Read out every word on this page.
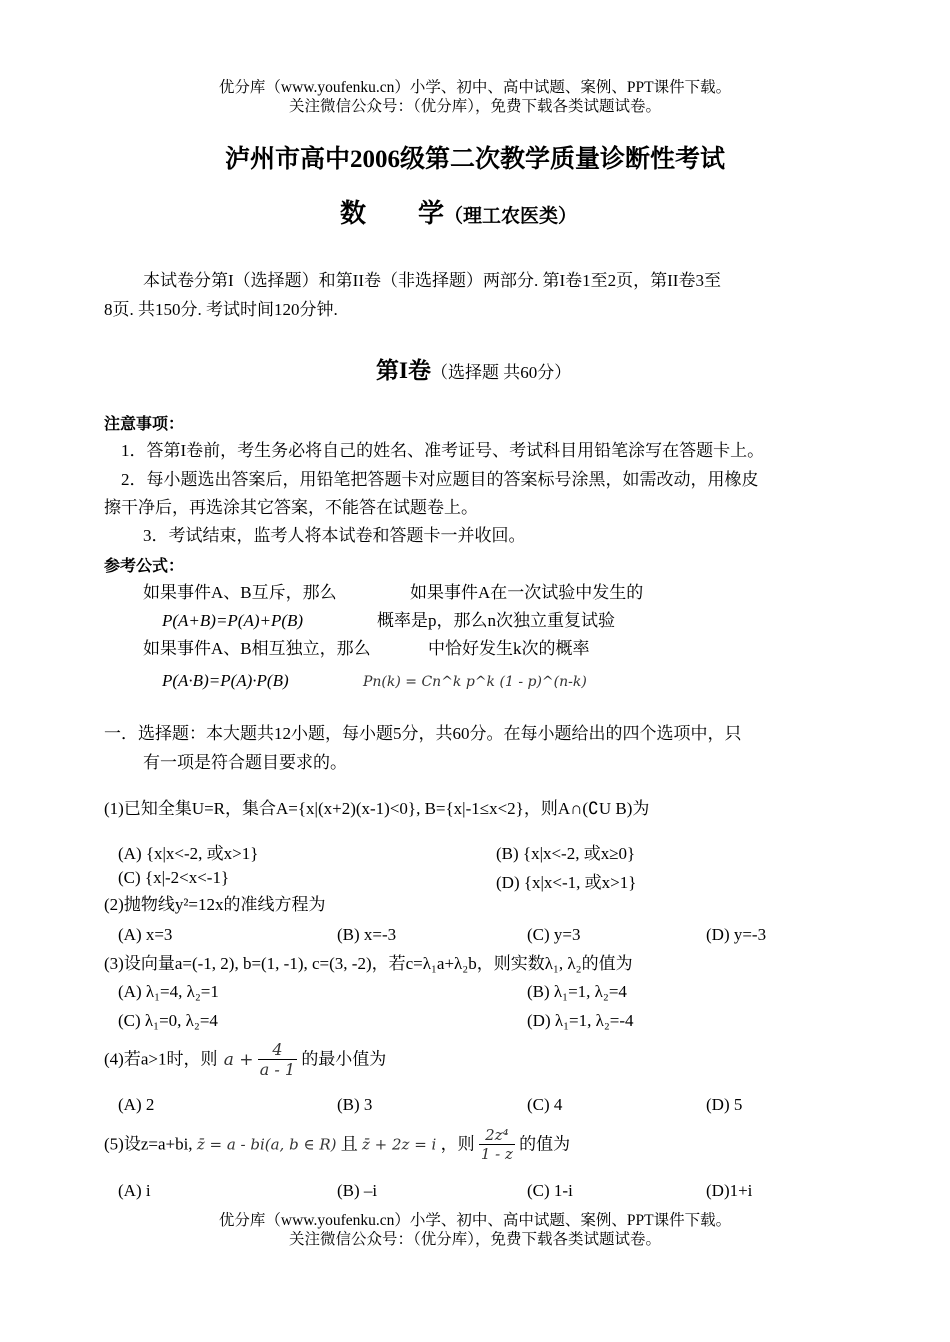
优分库（www.youfenku.cn）小学、初中、高中试题、案例、PPT课件下载。
关注微信公众号：（优分库），免费下载各类试题试卷。
泸州市高中2006级第二次教学质量诊断性考试
数　　学（理工农医类）
本试卷分第I（选择题）和第II卷（非选择题）两部分. 第I卷1至2页，第II卷3至
8页. 共150分. 考试时间120分钟.
第I卷（选择题 共60分）
注意事项：
1．答第I卷前，考生务必将自己的姓名、准考证号、考试科目用铅笔涂写在答题卡上。
2．每小题选出答案后，用铅笔把答题卡对应题目的答案标号涂黑，如需改动，用橡皮
擦干净后，再选涂其它答案，不能答在试题卷上。
3．考试结束，监考人将本试卷和答题卡一并收回。
参考公式：
如果事件A、B互斥，那么
P(A+B)=P(A)+P(B)
如果事件A、B相互独立，那么
P(A·B)=P(A)·P(B)
如果事件A在一次试验中发生的
概率是p，那么n次独立重复试验
中恰好发生k次的概率
Pn(k) = Cn^k p^k (1 - p)^(n-k)
一．选择题：本大题共12小题，每小题5分，共60分。在每小题给出的四个选项中，只
有一项是符合题目要求的。
(1)已知全集U=R，集合A={x|(x+2)(x-1)<0}, B={x|-1≤x<2}，则A∩(∁U B)为
(A) {x|x<-2, 或x>1}	(B) {x|x<-2, 或x≥0}
(C) {x|-2<x<-1}	(D) {x|x<-1, 或x>1}
(2)抛物线y²=12x的准线方程为
(A) x=3	(B) x=-3	(C) y=3	(D) y=-3
(3)设向量a=(-1, 2), b=(1, -1), c=(3, -2)，若c=λ₁a+λ₂b，则实数λ₁, λ₂的值为
(A) λ₁=4, λ₂=1	(B) λ₁=1, λ₂=4
(C) λ₁=0, λ₂=4	(D) λ₁=1, λ₂=-4
(4)若a>1时，则 $a + \frac{4}{a - 1}$ 的最小值为
(A) 2	(B) 3	(C) 4	(D) 5
(5)设z=a+bi, z̄ = a - bi(a, b ∈ R) 且 z̄ + 2z = i ，则 $\frac{\text{2z⁴}}{1 - z}$ 的值为
(A) i	(B) –i	(C) 1-i	(D)1+i
优分库（www.youfenku.cn）小学、初中、高中试题、案例、PPT课件下载。
关注微信公众号：（优分库），免费下载各类试题试卷。
